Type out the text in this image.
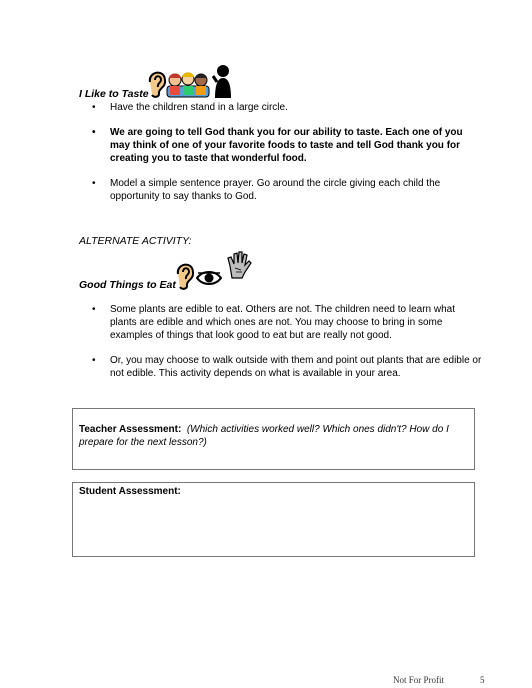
I Like to Taste
• Have the children stand in a large circle.
• We are going to tell God thank you for our ability to taste. Each one of you may think of one of your favorite foods to taste and tell God thank you for creating you to taste that wonderful food.
• Model a simple sentence prayer. Go around the circle giving each child the opportunity to say thanks to God.
ALTERNATE ACTIVITY:
Good Things to Eat
• Some plants are edible to eat. Others are not. The children need to learn what plants are edible and which ones are not. You may choose to bring in some examples of things that look good to eat but are really not good.
• Or, you may choose to walk outside with them and point out plants that are edible or not edible. This activity depends on what is available in your area.
Teacher Assessment: (Which activities worked well? Which ones didn't? How do I prepare for the next lesson?)
Student Assessment:
Not For Profit	5
